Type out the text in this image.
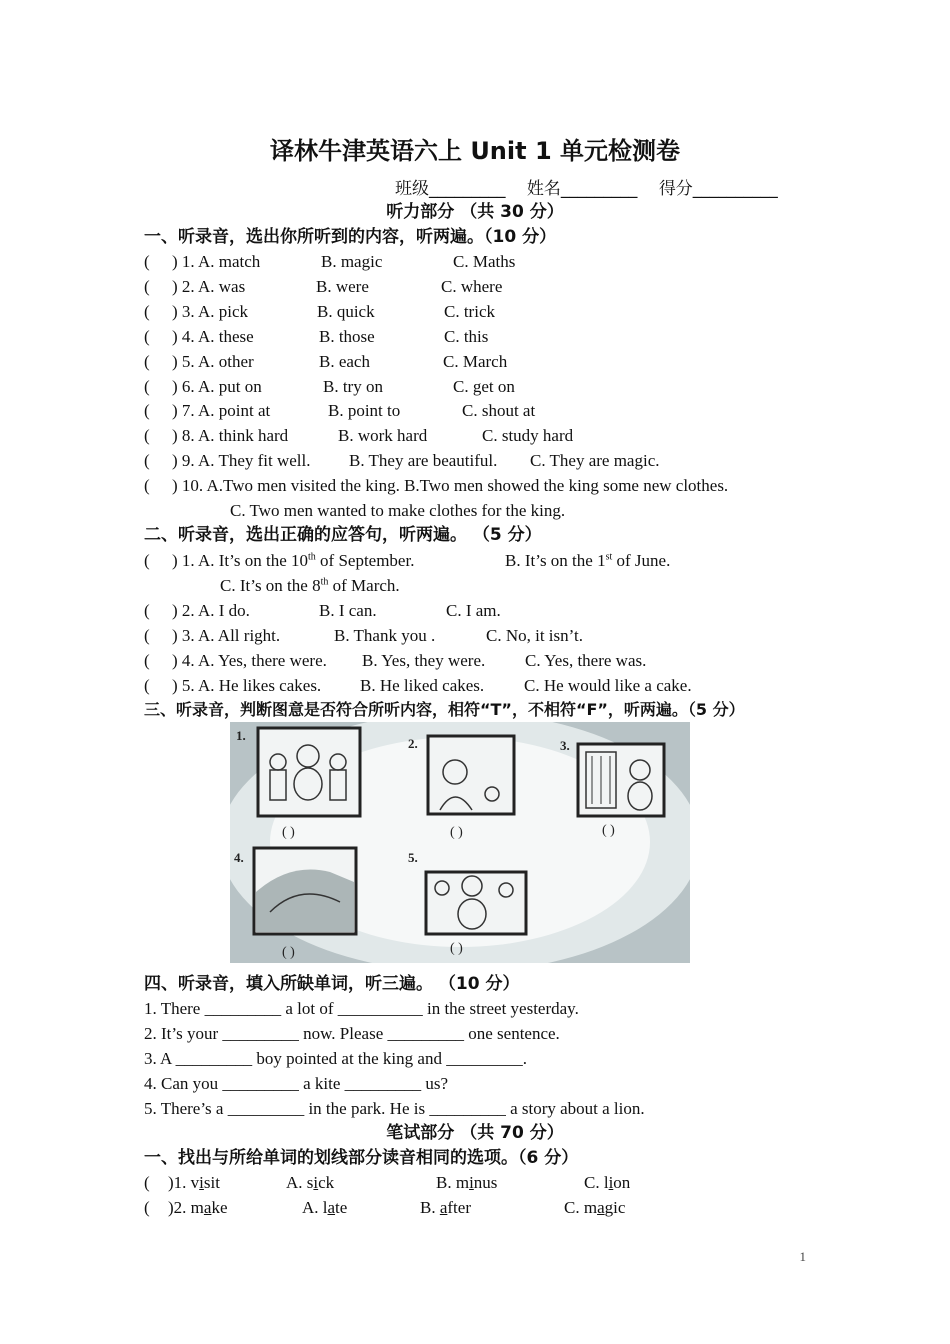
译林牛津英语六上 Unit 1 单元检测卷
班级_________ 姓名_________ 得分__________
听力部分 （共 30 分）
一、听录音，选出你所听到的内容，听两遍。（10 分）
( ) 1. A. match	B. magic	C. Maths
( ) 2. A. was	B. were	C. where
( ) 3. A. pick	B. quick	C. trick
( ) 4. A. these	B. those	C. this
( ) 5. A. other	B. each	C. March
( ) 6. A. put on	B. try on	C. get on
( ) 7. A. point at	B. point to	C. shout at
( ) 8. A. think hard	B. work hard	C. study hard
( ) 9. A. They fit well. B. They are beautiful. C. They are magic.
( ) 10. A.Two men visited the king. B.Two men showed the king some new clothes.
C. Two men wanted to make clothes for the king.
二、听录音，选出正确的应答句，听两遍。 （5 分）
( ) 1. A. It’s on the 10th of September.	B. It’s on the 1st of June.
C. It’s on the 8th of March.
( ) 2. A. I do.	B. I can.	C. I am.
( ) 3. A. All right.	B. Thank you .	C. No, it isn’t.
( ) 4. A. Yes, there were. B. Yes, they were. C. Yes, there was.
( ) 5. A. He likes cakes. B. He liked cakes. C. He would like a cake.
三、听录音，判断图意是否符合所听内容，相符“T”，不相符“F”，听两遍。（5 分）
1.
2.	3.
4.	5.
( )	( )	( )
( )	( )
四、听录音，填入所缺单词，听三遍。 （10 分）
1. There _________ a lot of __________ in the street yesterday.
2. It’s your _________ now. Please _________ one sentence.
3. A _________ boy pointed at the king and _________.
4. Can you _________ a kite _________ us?
5. There’s a _________ in the park. He is _________ a story about a lion.
笔试部分 （共 70 分）
一、找出与所给单词的划线部分读音相同的选项。（6 分）
( )1. visit	A. sick	B. minus	C. lion
( )2. make	A. late	B. after	C. magic
1
